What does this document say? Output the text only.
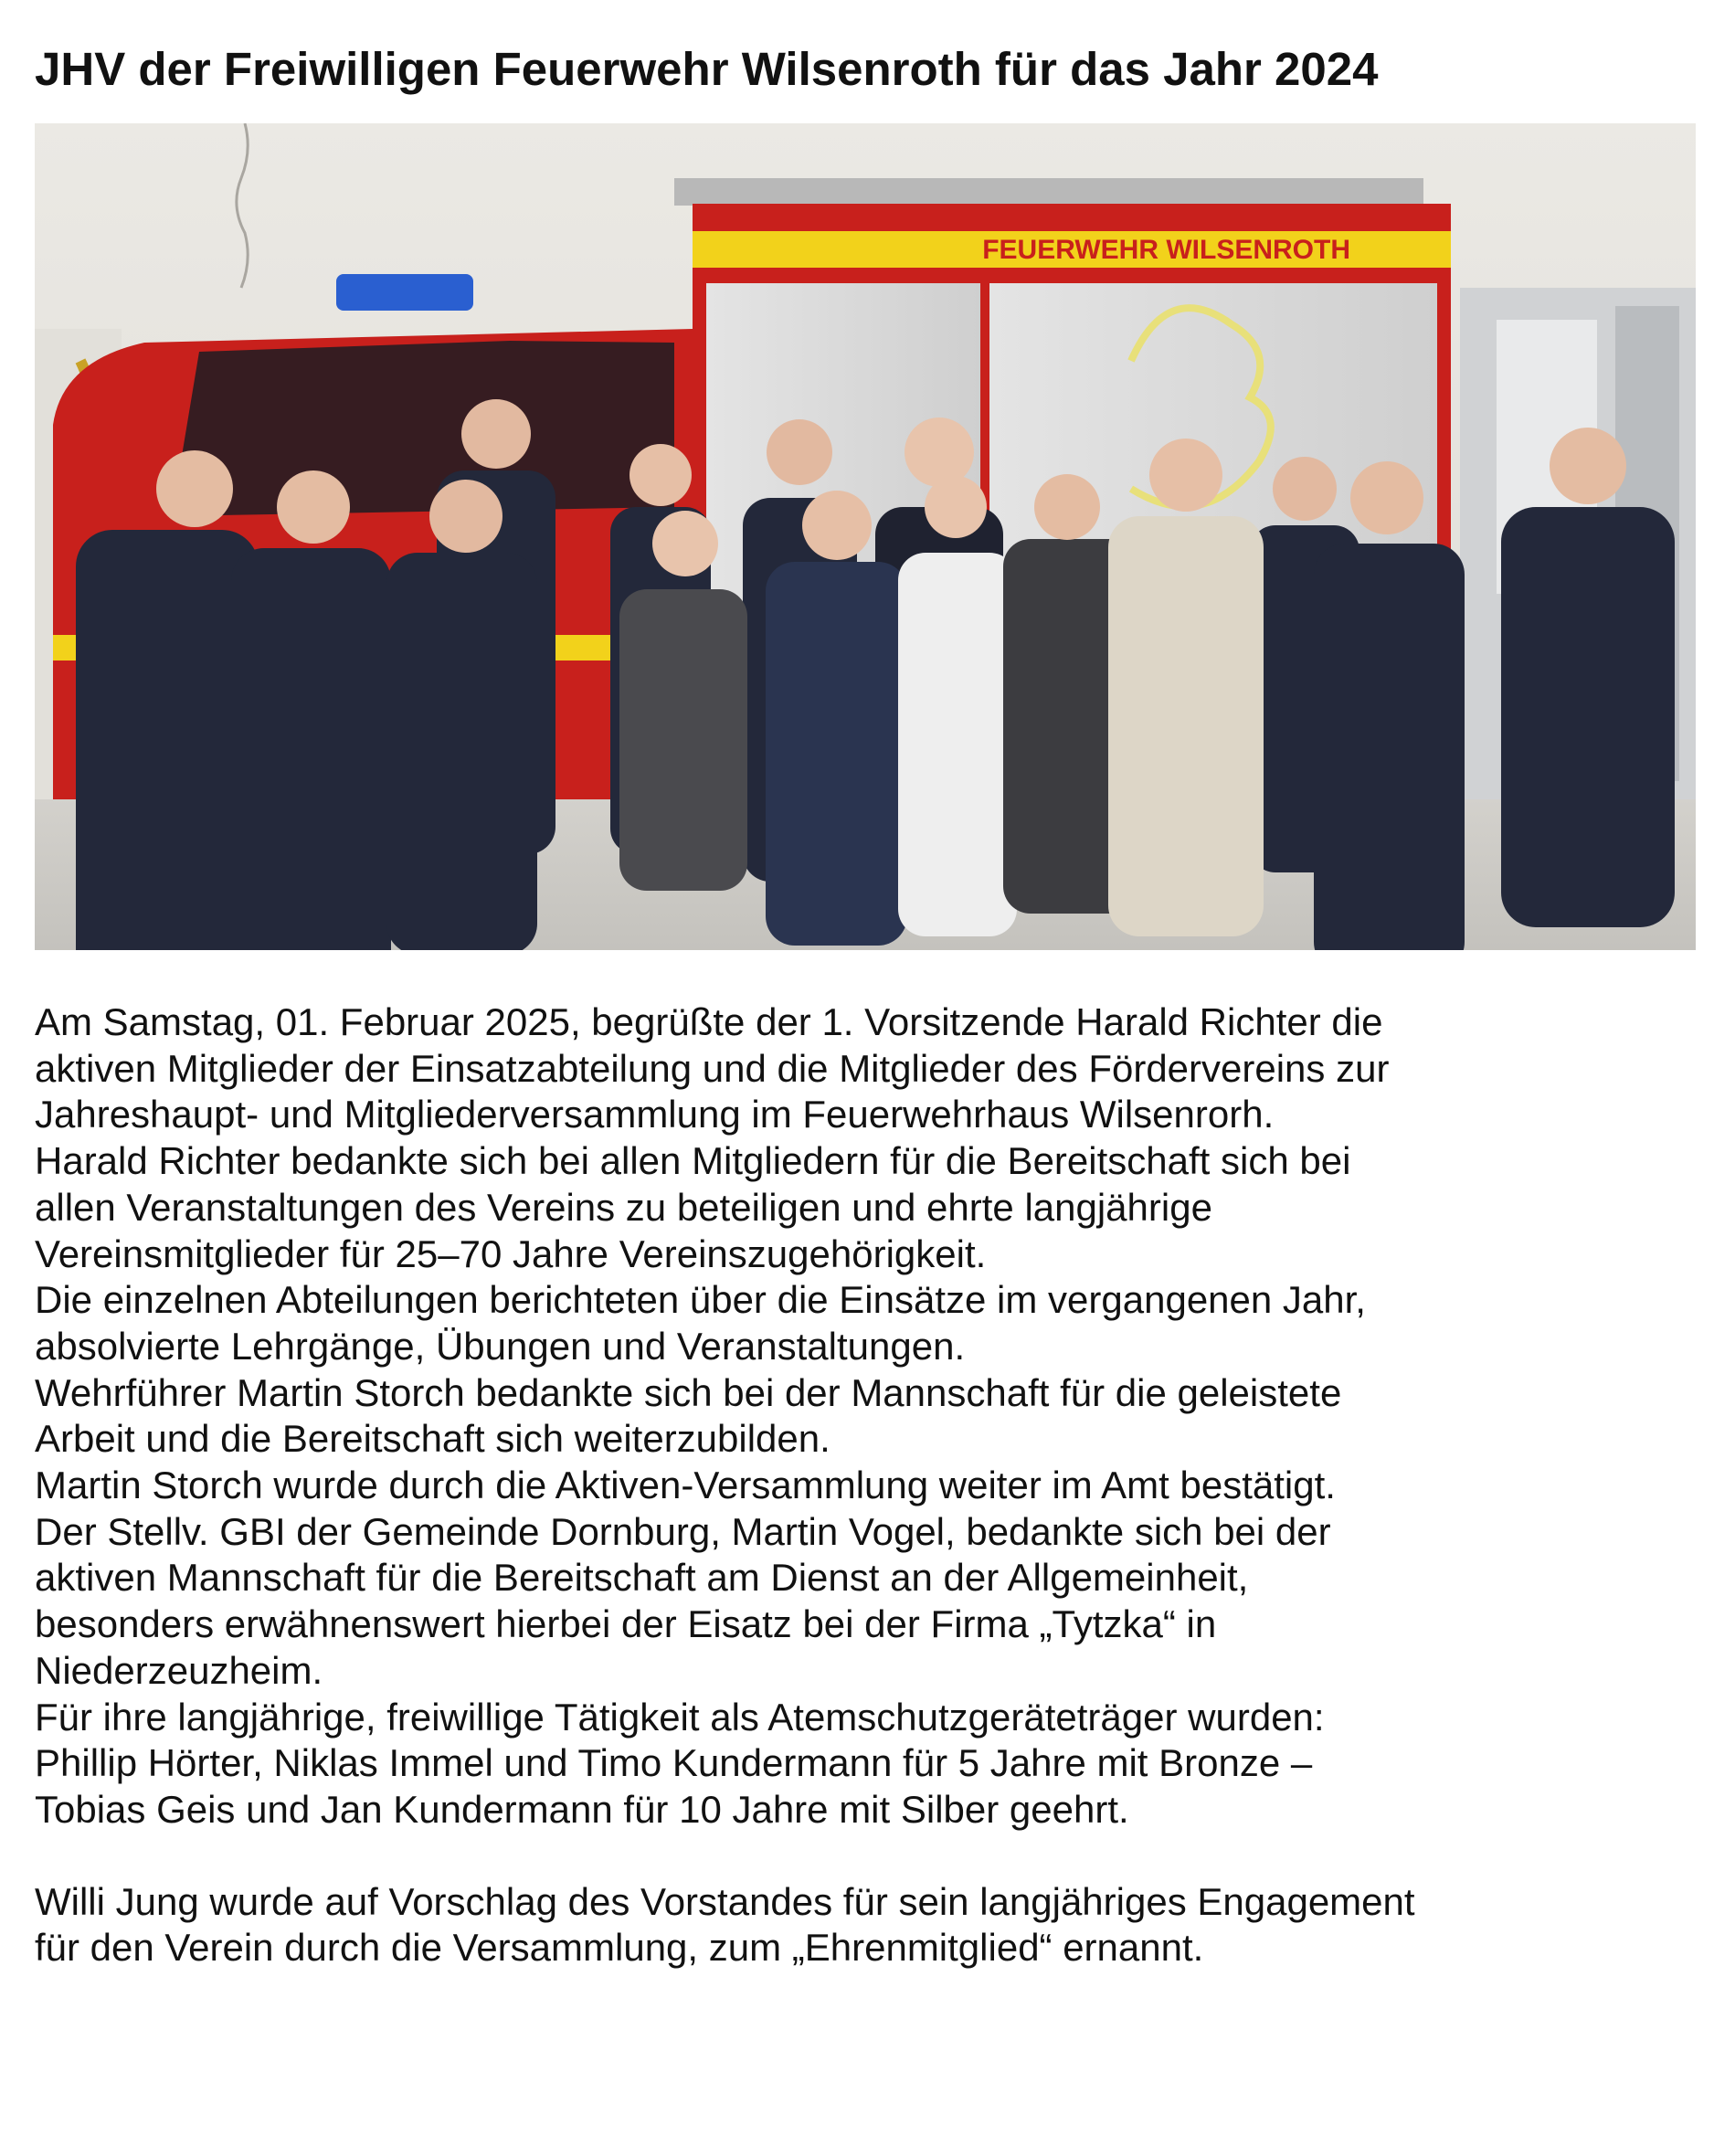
JHV der Freiwilligen Feuerwehr Wilsenroth für das Jahr 2024
FEUERWEHR WILSENROTH

Am Samstag, 01. Februar 2025, begrüßte der 1. Vorsitzende Harald Richter die

aktiven Mitglieder der Einsatzabteilung und die Mitglieder des Fördervereins zur

Jahreshaupt- und Mitgliederversammlung im Feuerwehrhaus Wilsenrorh.

Harald Richter bedankte sich bei allen Mitgliedern für die Bereitschaft sich bei

allen Veranstaltungen des Vereins zu beteiligen und ehrte langjährige

Vereinsmitglieder für 25–70 Jahre Vereinszugehörigkeit.

Die einzelnen Abteilungen berichteten über die Einsätze im vergangenen Jahr,

absolvierte Lehrgänge, Übungen und Veranstaltungen.

Wehrführer Martin Storch bedankte sich bei der Mannschaft für die geleistete

Arbeit und die Bereitschaft sich weiterzubilden.

Martin Storch wurde durch die Aktiven-Versammlung weiter im Amt bestätigt.

Der Stellv. GBI der Gemeinde Dornburg, Martin Vogel, bedankte sich bei der

aktiven Mannschaft für die Bereitschaft am Dienst an der Allgemeinheit,

besonders erwähnenswert hierbei der Eisatz bei der Firma „Tytzka“ in

Niederzeuzheim.

Für ihre langjährige, freiwillige Tätigkeit als Atemschutzgeräteträger wurden:

Phillip Hörter, Niklas Immel und Timo Kundermann für 5 Jahre mit Bronze –

Tobias Geis und Jan Kundermann für 10 Jahre mit Silber geehrt.

Willi Jung wurde auf Vorschlag des Vorstandes für sein langjähriges Engagement

für den Verein durch die Versammlung, zum „Ehrenmitglied“ ernannt.
